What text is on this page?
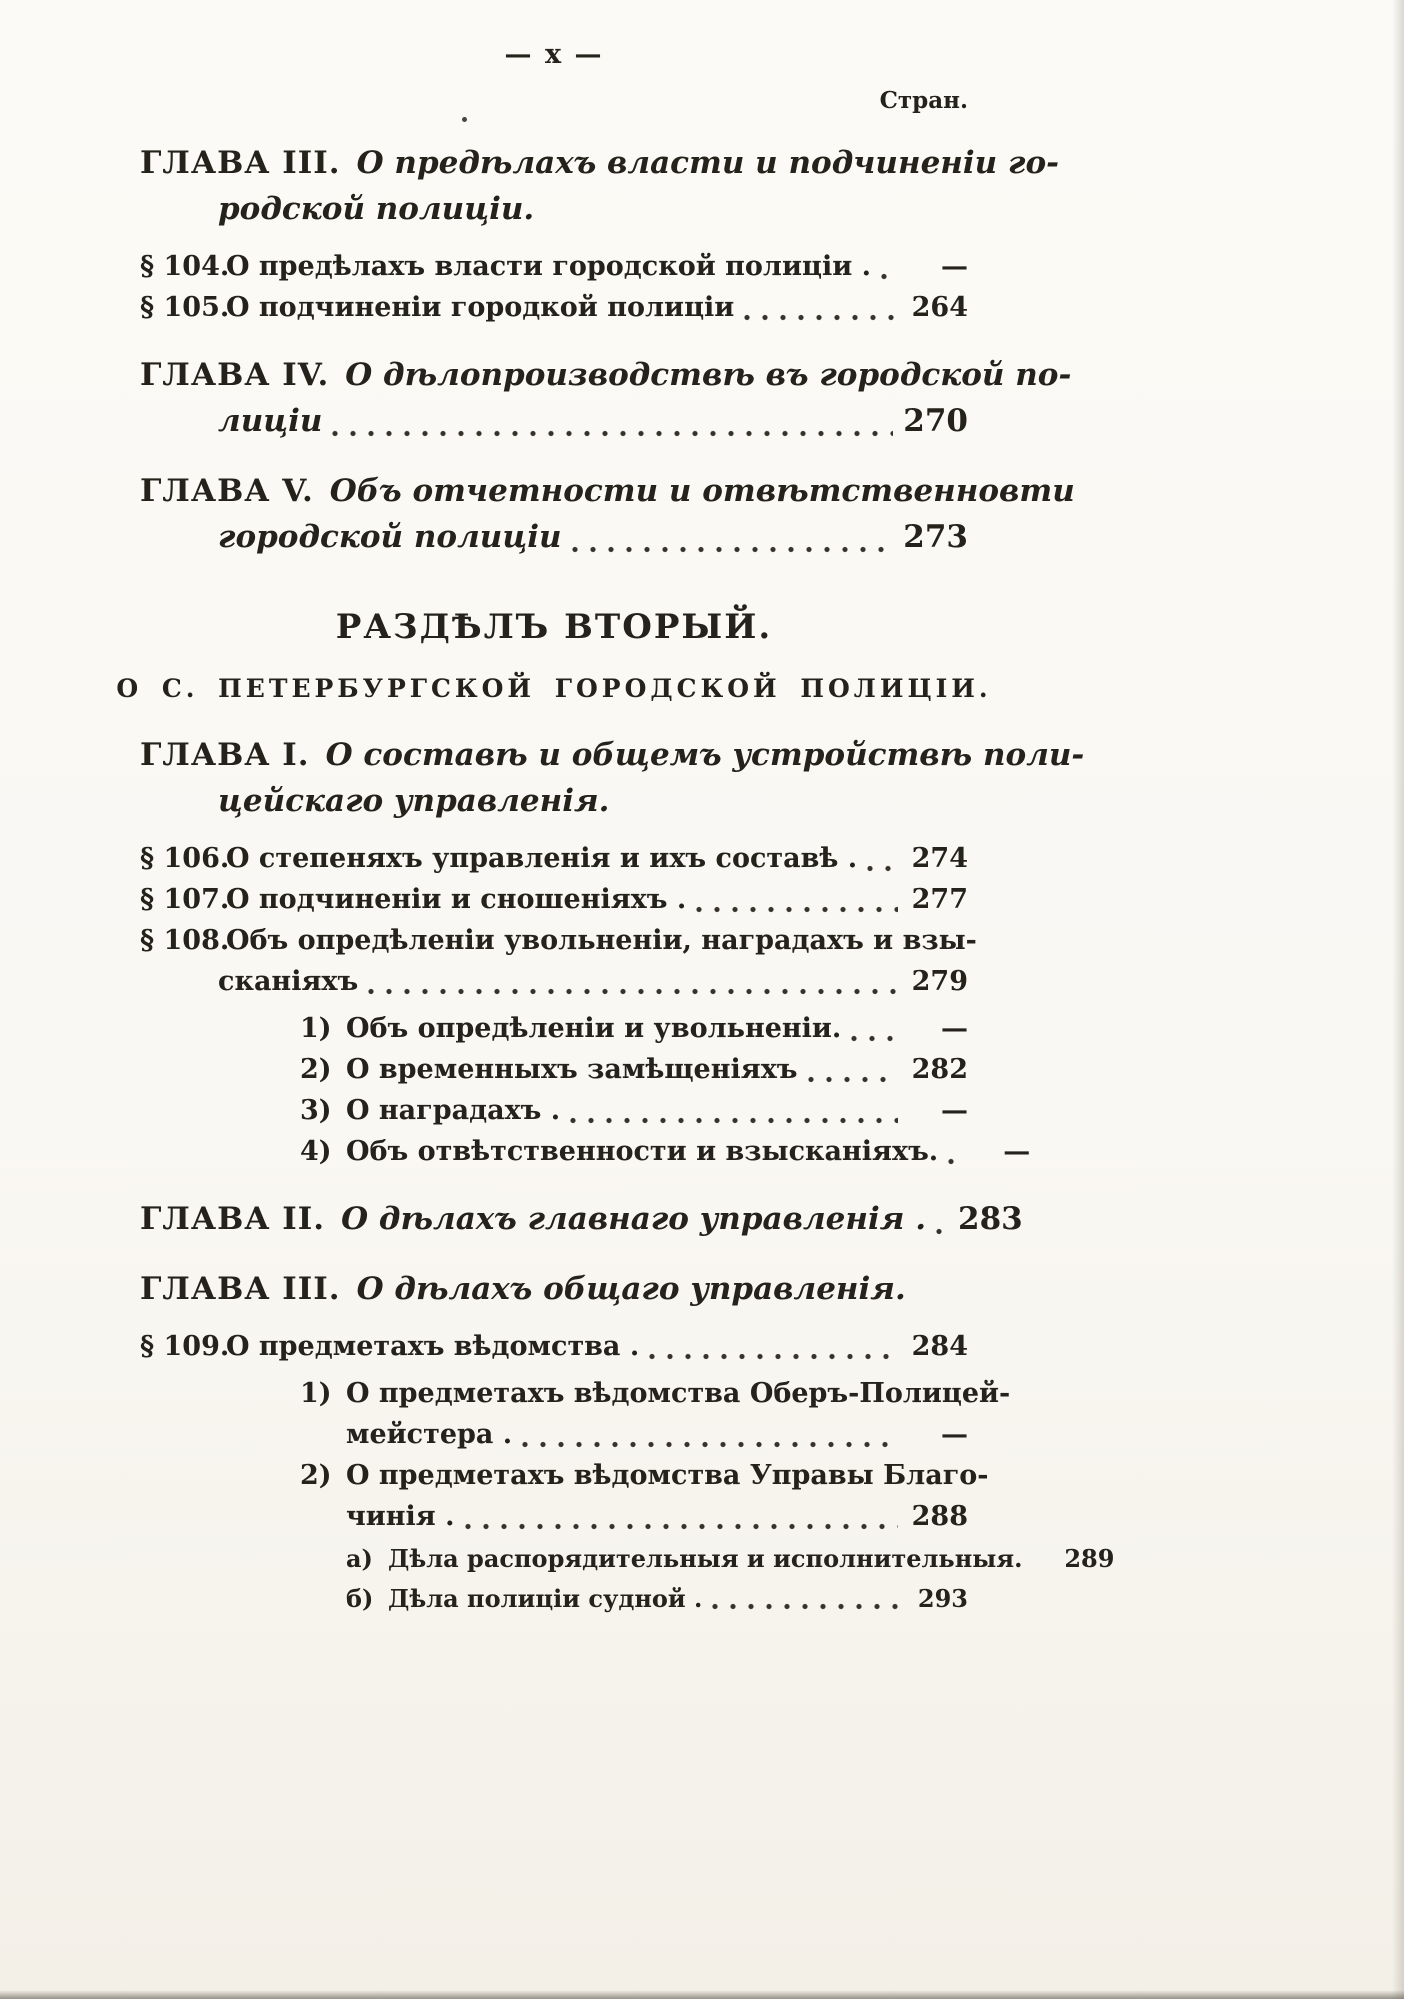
— x —
Стран.
ГЛАВА III. О предѣлахъ власти и подчиненіи го-
родской полиціи.
§ 104.
О предѣлахъ власти городской полиціи .	—
§ 105.
О подчиненіи городкой полиціи	264
ГЛАВА IV. О дѣлопроизводствѣ въ городской по-
лиціи	270
ГЛАВА V. Объ отчетности и отвѣтственновти
городской полиціи	273
РАЗДѢЛЪ ВТОРЫЙ.
О С. ПЕТЕРБУРГСКОЙ ГОРОДСКОЙ ПОЛИЦІИ.
ГЛАВА I. О составѣ и общемъ устройствѣ поли-
цейскаго управленія.
§ 106.
О степеняхъ управленія и ихъ составѣ . 274
§ 107.
О подчиненіи и сношеніяхъ .	277
§ 108.
Объ опредѣленіи увольненіи, наградахъ и взы-
сканіяхъ	279
1) Объ опредѣленіи и увольненіи.	—
2) О временныхъ замѣщеніяхъ	282
3) О наградахъ .	—
4) Объ отвѣтственности и взысканіяхъ.	—
ГЛАВА II. О дѣлахъ главнаго управленія . 283
ГЛАВА III. О дѣлахъ общаго управленія.
§ 109.
О предметахъ вѣдомства .	284
1) О предметахъ вѣдомства Оберъ-Полицей-
мейстера .	—
2) О предметахъ вѣдомства Управы Благо-
чинія .	288
а) Дѣла распорядительныя и исполнительныя.	289
б) Дѣла полиціи судной .	293
